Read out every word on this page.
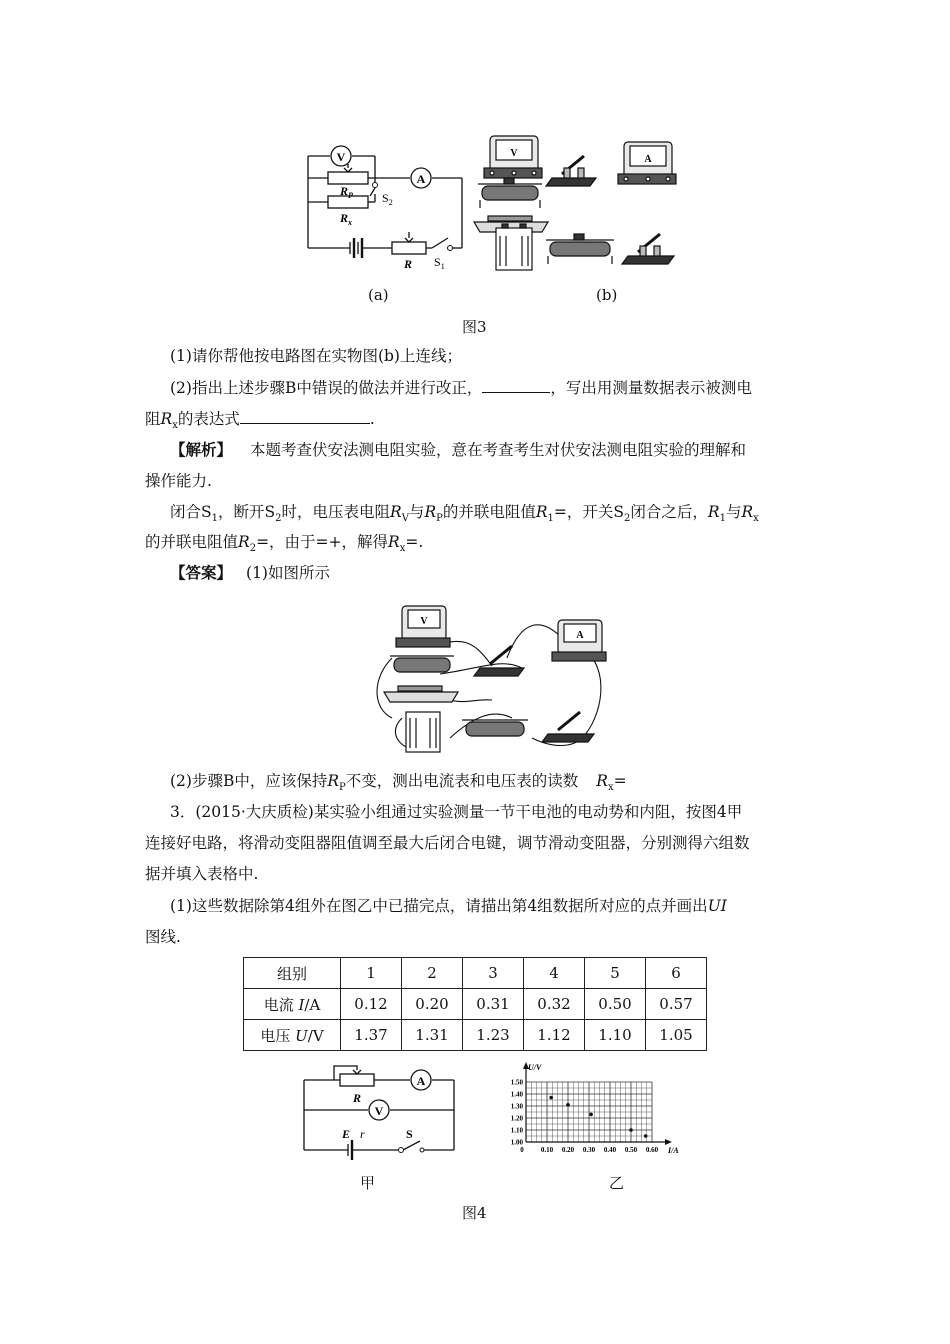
V
A
$R_P$
$R_x$
$S_2$
R $S_1$
V
A
(a)	(b)
图3
(1)请你帮他按电路图在实物图(b)上连线；
(2)指出上述步骤B中错误的做法并进行改正，	，写出用测量数据表示被测电
阻$R_x$的表达式	.
【解析】 本题考查伏安法测电阻实验，意在考查考生对伏安法测电阻实验的理解和
操作能力.
闭合$S_1$，断开$S_2$时，电压表电阻$R_V$与$R_P$的并联电阻值$R_1=$，开关$S_2$闭合之后，$R_1$与$R_x$
的并联电阻值$R_2=$，由于=+，解得$R_x=$.
【答案】 (1)如图所示
V
A
(2)步骤B中，应该保持$R_P$不变，测出电流表和电压表的读数 $R_x=$
3．(2015·大庆质检)某实验小组通过实验测量一节干电池的电动势和内阻，按图4甲
连接好电路，将滑动变阻器阻值调至最大后闭合电键，调节滑动变阻器，分别测得六组数
据并填入表格中.
(1)这些数据除第4组外在图乙中已描完点，请描出第4组数据所对应的点并画出UI
图线.
组别	1	2	3	4	5	6
电流 I/A	0.12	0.20	0.31	0.32	0.50	0.57
电压 U/V	1.37	1.31	1.23	1.12	1.10	1.05
A
V
R
E r	S
1.00
1.10
1.20
1.30
1.40
1.50
0 0.10 0.20 0.30 0.40 0.50 0.60
U/V
I/A
甲	乙
图4
